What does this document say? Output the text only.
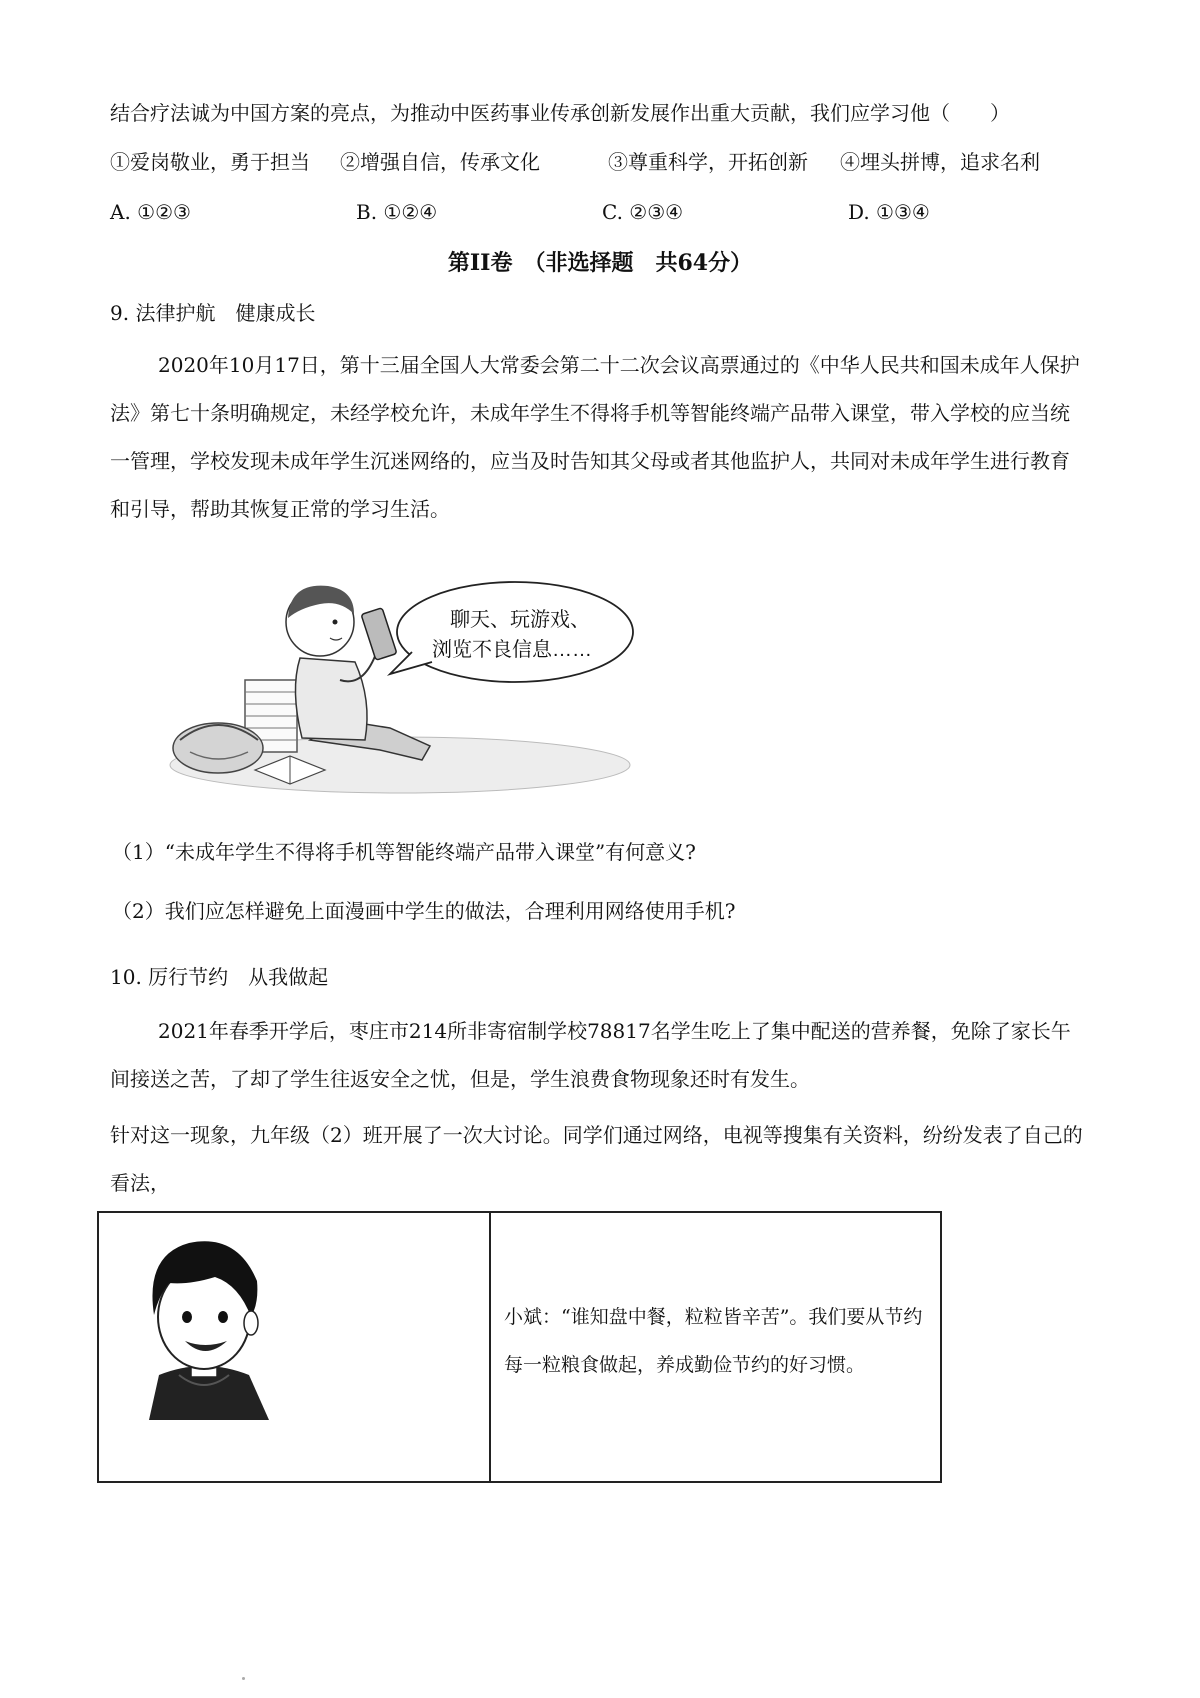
结合疗法诚为中国方案的亮点，为推动中医药事业传承创新发展作出重大贡献，我们应学习他（　　）
①爱岗敬业，勇于担当 ②增强自信，传承文化	③尊重科学，开拓创新 ④埋头拼博，追求名利
A. ①②③	B. ①②④	C. ②③④	D. ①③④
第II卷　（非选择题　共64分）
9. 法律护航　健康成长
2020年10月17日，第十三届全国人大常委会第二十二次会议高票通过的《中华人民共和国未成年人保护法》第七十条明确规定，未经学校允许，未成年学生不得将手机等智能终端产品带入课堂，带入学校的应当统一管理，学校发现未成年学生沉迷网络的，应当及时告知其父母或者其他监护人，共同对未成年学生进行教育和引导，帮助其恢复正常的学习生活。
聊天、玩游戏、
浏览不良信息……
（1）“未成年学生不得将手机等智能终端产品带入课堂”有何意义?
（2）我们应怎样避免上面漫画中学生的做法，合理利用网络使用手机?
10. 厉行节约　从我做起
2021年春季开学后，枣庄市214所非寄宿制学校78817名学生吃上了集中配送的营养餐，免除了家长午间接送之苦，了却了学生往返安全之忧，但是，学生浪费食物现象还时有发生。
针对这一现象，九年级（2）班开展了一次大讨论。同学们通过网络，电视等搜集有关资料，纷纷发表了自己的看法，
小斌：“谁知盘中餐，粒粒皆辛苦”。我们要从节约每一粒粮食做起，养成勤俭节约的好习惯。
